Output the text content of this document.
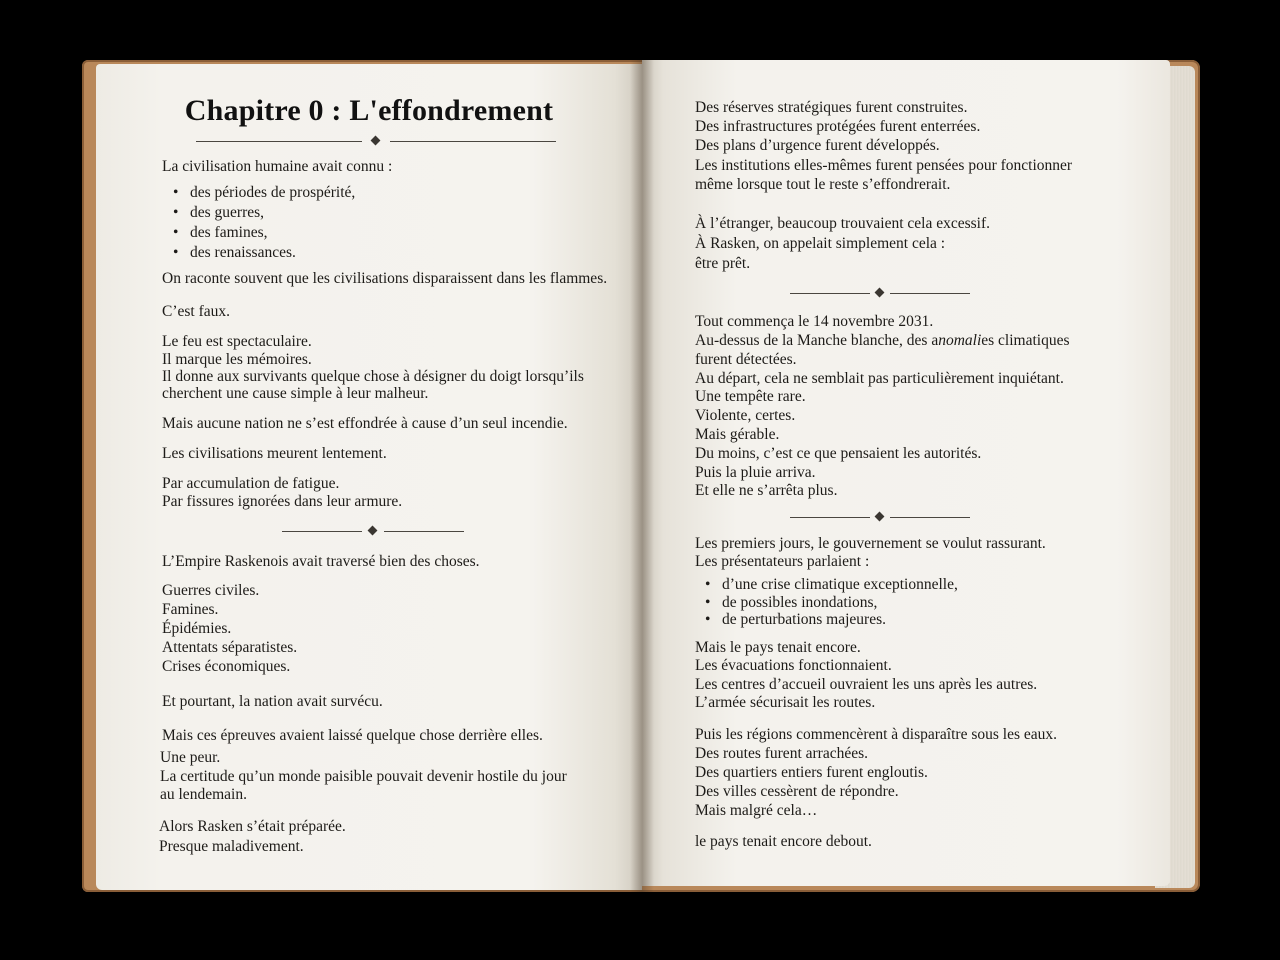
Chapitre 0 : L'effondrement
La civilisation humaine avait connu :
• des périodes de prospérité,
• des guerres,
• des famines,
• des renaissances.
On raconte souvent que les civilisations disparaissent dans les flammes.
C’est faux.
Le feu est spectaculaire.
Il marque les mémoires.
Il donne aux survivants quelque chose à désigner du doigt lorsqu’ils
cherchent une cause simple à leur malheur.
Mais aucune nation ne s’est effondrée à cause d’un seul incendie.
Les civilisations meurent lentement.
Par accumulation de fatigue.
Par fissures ignorées dans leur armure.
L’Empire Raskenois avait traversé bien des choses.
Guerres civiles.
Famines.
Épidémies.
Attentats séparatistes.
Crises économiques.
Et pourtant, la nation avait survécu.
Mais ces épreuves avaient laissé quelque chose derrière elles.
Une peur.
La certitude qu’un monde paisible pouvait devenir hostile du jour
au lendemain.
Alors Rasken s’était préparée.
Presque maladivement.
Des réserves stratégiques furent construites.
Des infrastructures protégées furent enterrées.
Des plans d’urgence furent développés.
Les institutions elles-mêmes furent pensées pour fonctionner
même lorsque tout le reste s’effondrerait.
À l’étranger, beaucoup trouvaient cela excessif.
À Rasken, on appelait simplement cela :
être prêt.
Tout commença le 14 novembre 2031.
Au-dessus de la Manche blanche, des anomalies climatiques
furent détectées.
Au départ, cela ne semblait pas particulièrement inquiétant.
Une tempête rare.
Violente, certes.
Mais gérable.
Du moins, c’est ce que pensaient les autorités.
Puis la pluie arriva.
Et elle ne s’arrêta plus.
Les premiers jours, le gouvernement se voulut rassurant.
Les présentateurs parlaient :
• d’une crise climatique exceptionnelle,
• de possibles inondations,
• de perturbations majeures.
Mais le pays tenait encore.
Les évacuations fonctionnaient.
Les centres d’accueil ouvraient les uns après les autres.
L’armée sécurisait les routes.
Puis les régions commencèrent à disparaître sous les eaux.
Des routes furent arrachées.
Des quartiers entiers furent engloutis.
Des villes cessèrent de répondre.
Mais malgré cela…
le pays tenait encore debout.
